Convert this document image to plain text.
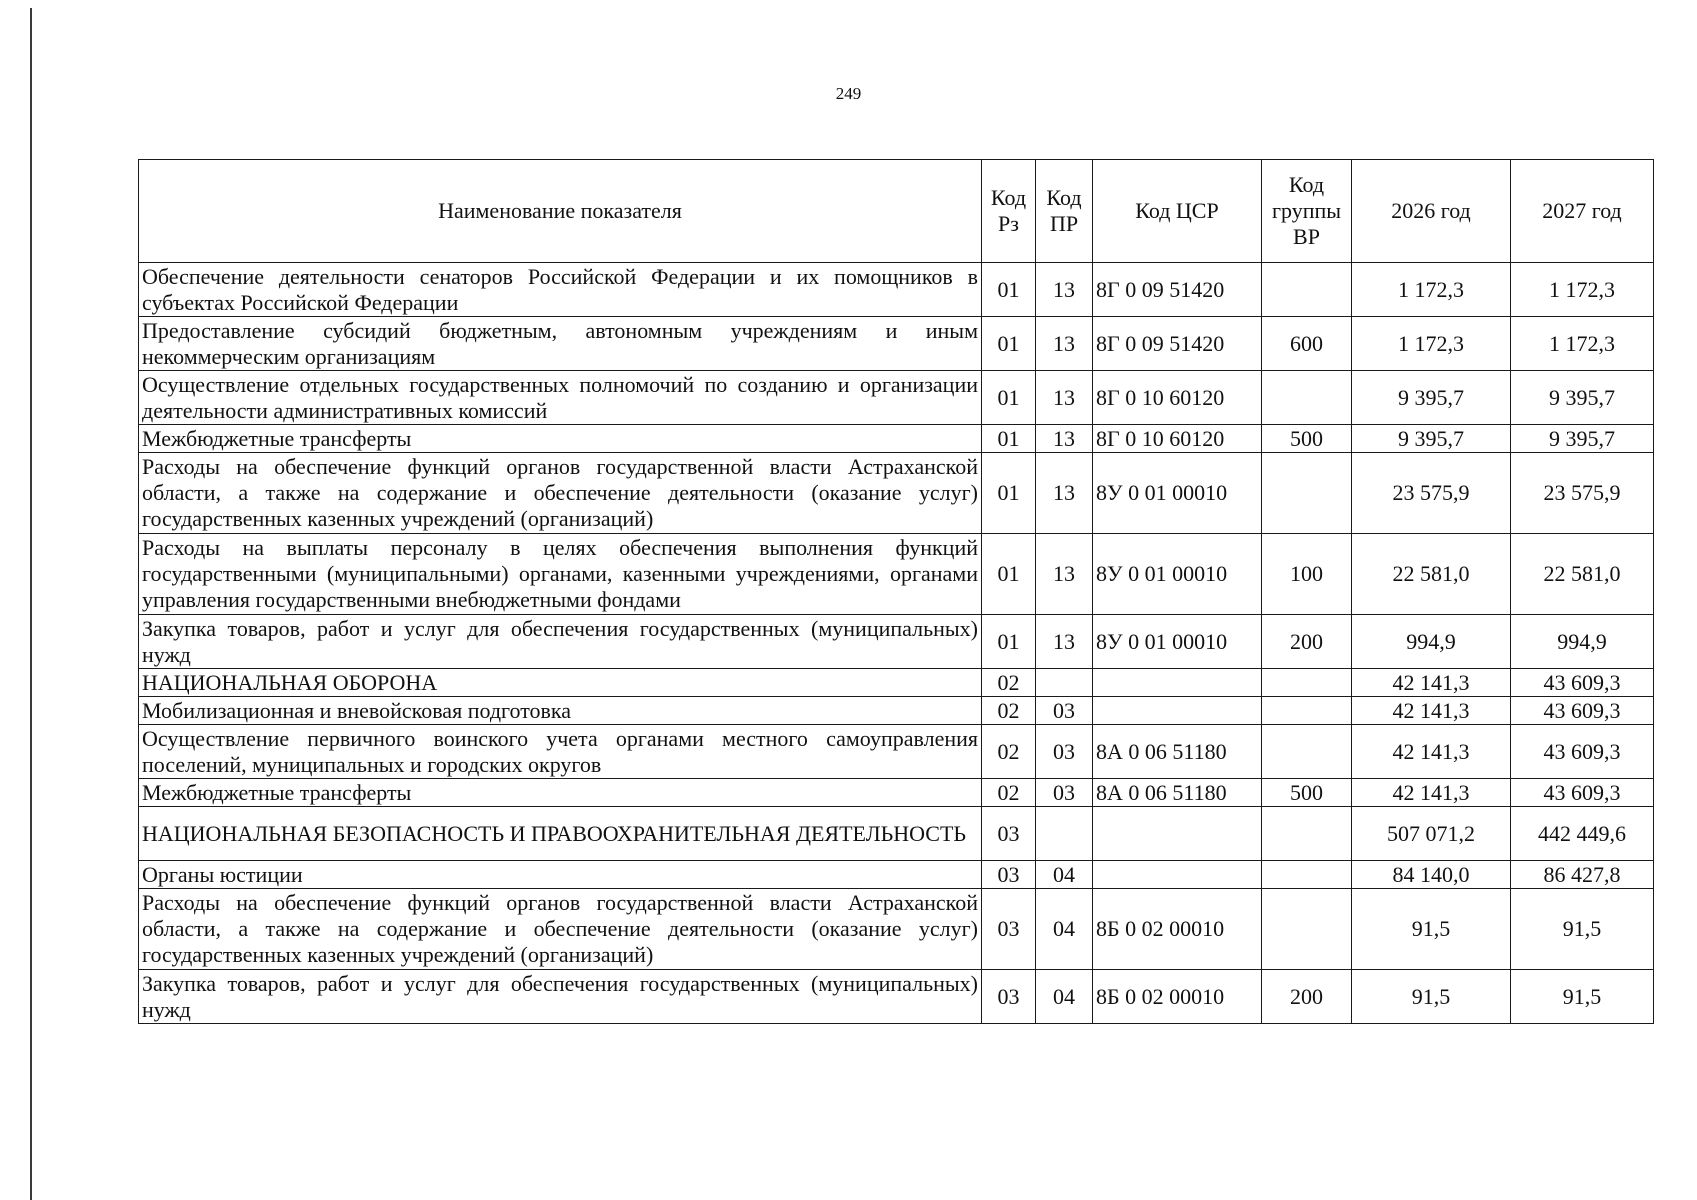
249
Наименование показателя	Код Рз	Код ПР	Код ЦСР	Код группы ВР	2026 год	2027 год
Обеспечение деятельности сенаторов Российской Федерации и их помощников в субъектах Российской Федерации	01	13	8Г 0 09 51420		1 172,3	1 172,3
Предоставление субсидий бюджетным, автономным учреждениям и иным некоммерческим организациям	01	13	8Г 0 09 51420	600	1 172,3	1 172,3
Осуществление отдельных государственных полномочий по созданию и организации деятельности административных комиссий	01	13	8Г 0 10 60120		9 395,7	9 395,7
Межбюджетные трансферты	01	13	8Г 0 10 60120	500	9 395,7	9 395,7
Расходы на обеспечение функций органов государственной власти Астраханской области, а также на содержание и обеспечение деятельности (оказание услуг) государственных казенных учреждений (организаций)	01	13	8У 0 01 00010		23 575,9	23 575,9
Расходы на выплаты персоналу в целях обеспечения выполнения функций государственными (муниципальными) органами, казенными учреждениями, органами управления государственными внебюджетными фондами	01	13	8У 0 01 00010	100	22 581,0	22 581,0
Закупка товаров, работ и услуг для обеспечения государственных (муниципальных) нужд	01	13	8У 0 01 00010	200	994,9	994,9
НАЦИОНАЛЬНАЯ ОБОРОНА	02				42 141,3	43 609,3
Мобилизационная и вневойсковая подготовка	02	03			42 141,3	43 609,3
Осуществление первичного воинского учета органами местного самоуправления поселений, муниципальных и городских округов	02	03	8А 0 06 51180		42 141,3	43 609,3
Межбюджетные трансферты	02	03	8А 0 06 51180	500	42 141,3	43 609,3
НАЦИОНАЛЬНАЯ БЕЗОПАСНОСТЬ И ПРАВООХРАНИТЕЛЬНАЯ ДЕЯТЕЛЬНОСТЬ	03				507 071,2	442 449,6
Органы юстиции	03	04			84 140,0	86 427,8
Расходы на обеспечение функций органов государственной власти Астраханской области, а также на содержание и обеспечение деятельности (оказание услуг) государственных казенных учреждений (организаций)	03	04	8Б 0 02 00010		91,5	91,5
Закупка товаров, работ и услуг для обеспечения государственных (муниципальных) нужд	03	04	8Б 0 02 00010	200	91,5	91,5
